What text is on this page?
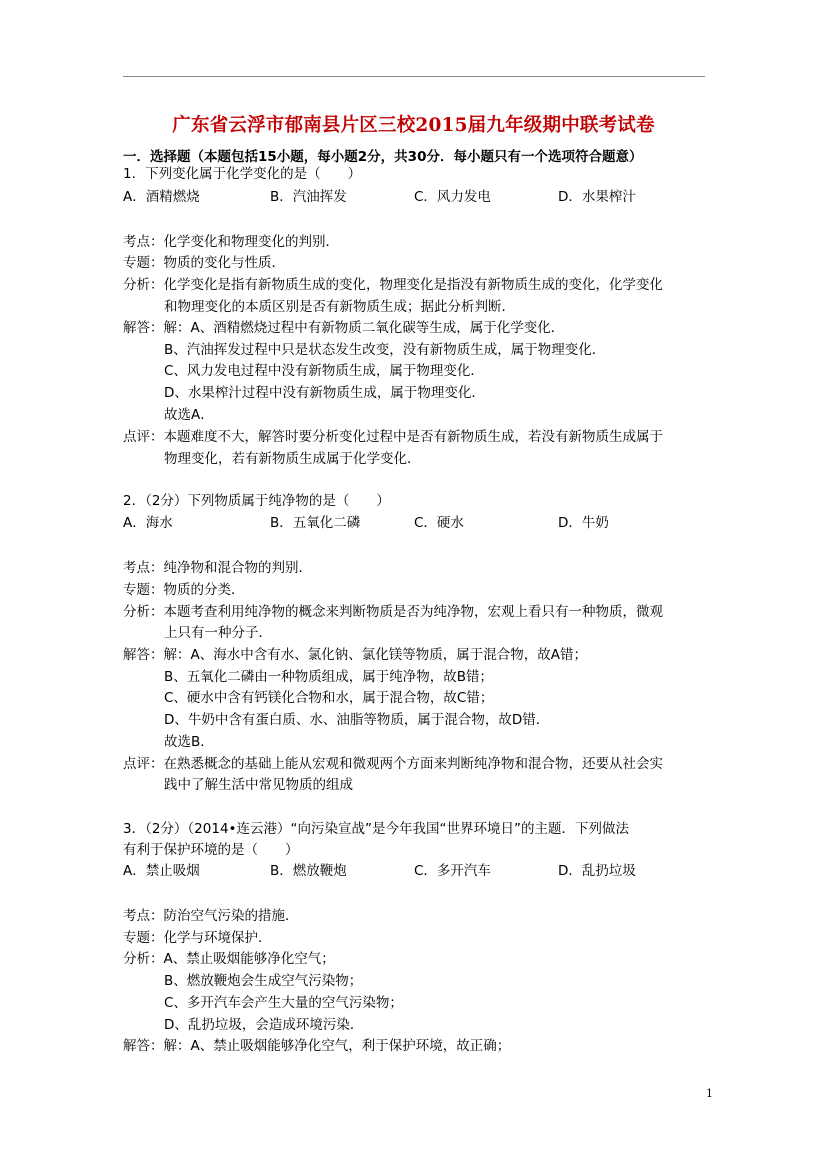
广东省云浮市郁南县片区三校2015届九年级期中联考试卷
一．选择题（本题包括15小题，每小题2分，共30分．每小题只有一个选项符合题意）
1．下列变化属于化学变化的是（　　）
A．酒精燃烧	B．汽油挥发	C．风力发电	D．水果榨汁
考点：化学变化和物理变化的判别．
专题：物质的变化与性质．
分析：化学变化是指有新物质生成的变化，物理变化是指没有新物质生成的变化，化学变化
和物理变化的本质区别是否有新物质生成；据此分析判断．
解答：解：A、酒精燃烧过程中有新物质二氧化碳等生成，属于化学变化．
B、汽油挥发过程中只是状态发生改变，没有新物质生成，属于物理变化．
C、风力发电过程中没有新物质生成，属于物理变化．
D、水果榨汁过程中没有新物质生成，属于物理变化．
故选A．
点评：本题难度不大，解答时要分析变化过程中是否有新物质生成，若没有新物质生成属于
物理变化，若有新物质生成属于化学变化．
2．（2分）下列物质属于纯净物的是（　　）
A．海水	B．五氧化二磷	C．硬水	D．牛奶
考点：纯净物和混合物的判别．
专题：物质的分类．
分析：本题考查利用纯净物的概念来判断物质是否为纯净物，宏观上看只有一种物质，微观
上只有一种分子．
解答：解：A、海水中含有水、氯化钠、氯化镁等物质，属于混合物，故A错；
B、五氧化二磷由一种物质组成，属于纯净物，故B错；
C、硬水中含有钙镁化合物和水，属于混合物，故C错；
D、牛奶中含有蛋白质、水、油脂等物质，属于混合物，故D错．
故选B．
点评：在熟悉概念的基础上能从宏观和微观两个方面来判断纯净物和混合物，还要从社会实
践中了解生活中常见物质的组成
3．（2分）（2014•连云港）“向污染宣战”是今年我国“世界环境日”的主题．下列做法
有利于保护环境的是（　　）
A．禁止吸烟	B．燃放鞭炮	C．多开汽车	D．乱扔垃圾
考点：防治空气污染的措施．
专题：化学与环境保护．
分析：A、禁止吸烟能够净化空气；
B、燃放鞭炮会生成空气污染物；
C、多开汽车会产生大量的空气污染物；
D、乱扔垃圾，会造成环境污染．
解答：解：A、禁止吸烟能够净化空气，利于保护环境，故正确；
1
